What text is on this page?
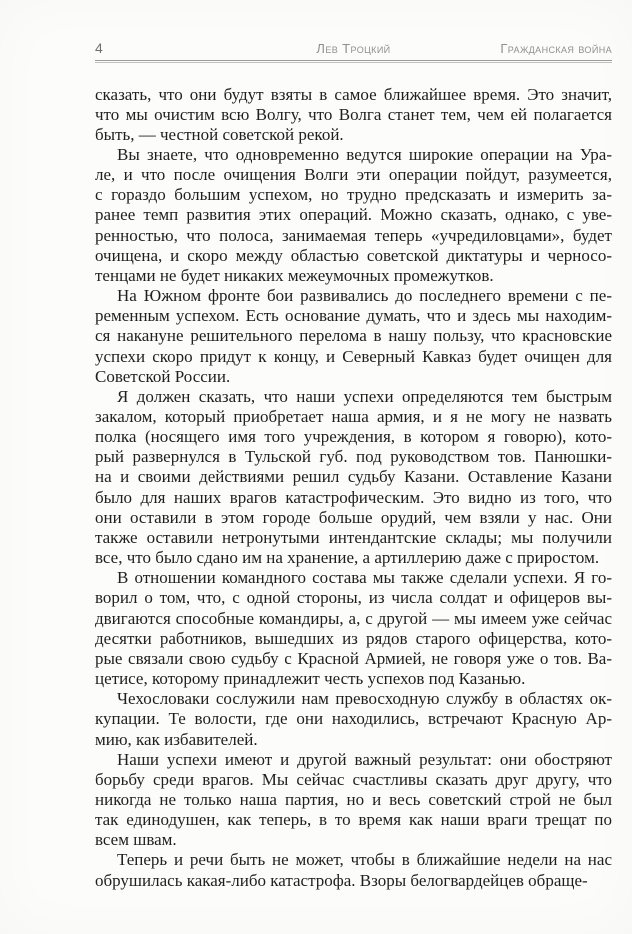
4	Лев Троцкий	Гражданская война
сказать, что они будут взяты в самое ближайшее время. Это значит,
что мы очистим всю Волгу, что Волга станет тем, чем ей полагается
быть, — честной советской рекой.
Вы знаете, что одновременно ведутся широкие операции на Ура-
ле, и что после очищения Волги эти операции пойдут, разумеется,
с гораздо большим успехом, но трудно предсказать и измерить за-
ранее темп развития этих операций. Можно сказать, однако, с уве-
ренностью, что полоса, занимаемая теперь «учредиловцами», будет
очищена, и скоро между областью советской диктатуры и черносо-
тенцами не будет никаких межеумочных промежутков.
На Южном фронте бои развивались до последнего времени с пе-
ременным успехом. Есть основание думать, что и здесь мы находим-
ся накануне решительного перелома в нашу пользу, что красновские
успехи скоро придут к концу, и Северный Кавказ будет очищен для
Советской России.
Я должен сказать, что наши успехи определяются тем быстрым
закалом, который приобретает наша армия, и я не могу не назвать
полка (носящего имя того учреждения, в котором я говорю), кото-
рый развернулся в Тульской губ. под руководством тов. Панюшки-
на и своими действиями решил судьбу Казани. Оставление Казани
было для наших врагов катастрофическим. Это видно из того, что
они оставили в этом городе больше орудий, чем взяли у нас. Они
также оставили нетронутыми интендантские склады; мы получили
все, что было сдано им на хранение, а артиллерию даже с приростом.
В отношении командного состава мы также сделали успехи. Я го-
ворил о том, что, с одной стороны, из числа солдат и офицеров вы-
двигаются способные командиры, а, с другой — мы имеем уже сейчас
десятки работников, вышедших из рядов старого офицерства, кото-
рые связали свою судьбу с Красной Армией, не говоря уже о тов. Ва-
цетисе, которому принадлежит честь успехов под Казанью.
Чехословаки сослужили нам превосходную службу в областях ок-
купации. Те волости, где они находились, встречают Красную Ар-
мию, как избавителей.
Наши успехи имеют и другой важный результат: они обостряют
борьбу среди врагов. Мы сейчас счастливы сказать друг другу, что
никогда не только наша партия, но и весь советский строй не был
так единодушен, как теперь, в то время как наши враги трещат по
всем швам.
Теперь и речи быть не может, чтобы в ближайшие недели на нас
обрушилась какая-либо катастрофа. Взоры белогвардейцев обраще-
